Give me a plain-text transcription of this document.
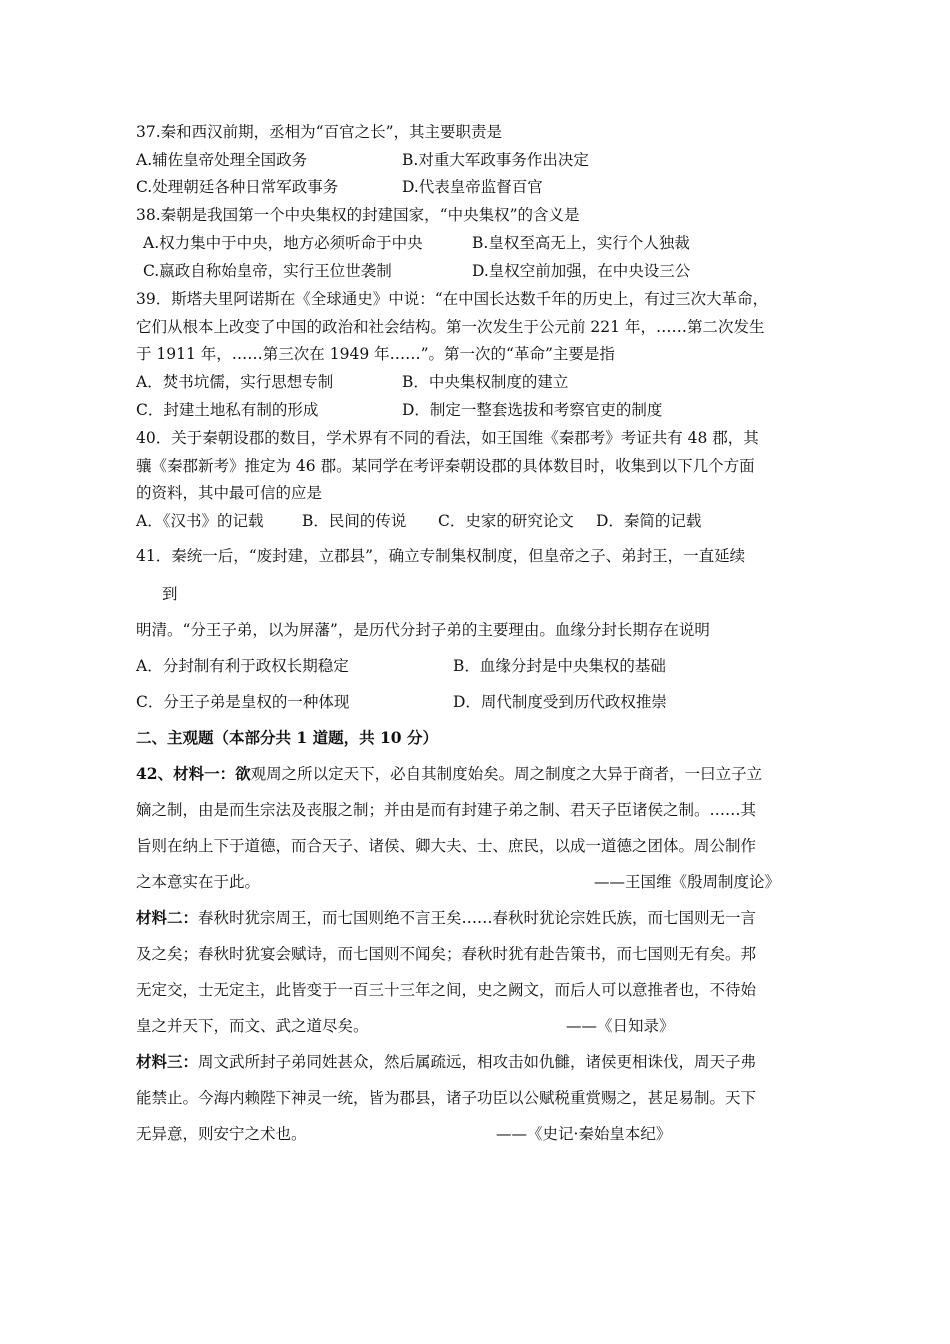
37.秦和西汉前期，丞相为“百官之长”，其主要职责是
A.辅佐皇帝处理全国政务	B.对重大军政事务作出决定
C.处理朝廷各种日常军政事务	D.代表皇帝监督百官
38.秦朝是我国第一个中央集权的封建国家，“中央集权”的含义是
A.权力集中于中央，地方必须听命于中央	B.皇权至高无上，实行个人独裁
C.嬴政自称始皇帝，实行王位世袭制	D.皇权空前加强，在中央设三公
39．斯塔夫里阿诺斯在《全球通史》中说：“在中国长达数千年的历史上，有过三次大革命，
它们从根本上改变了中国的政治和社会结构。第一次发生于公元前 221 年，……第二次发生
于 1911 年，……第三次在 1949 年……”。第一次的“革命”主要是指
A．焚书坑儒，实行思想专制	B．中央集权制度的建立
C．封建土地私有制的形成	D．制定一整套选拔和考察官吏的制度
40．关于秦朝设郡的数目，学术界有不同的看法，如王国维《秦郡考》考证共有 48 郡，其
骧《秦郡新考》推定为 46 郡。某同学在考评秦朝设郡的具体数目时，收集到以下几个方面
的资料，其中最可信的应是
A．《汉书》的记载 B．民间的传说 C．史家的研究论文 D．秦简的记载
41．秦统一后，“废封建，立郡县”，确立专制集权制度，但皇帝之子、弟封王，一直延续
到
明清。“分王子弟，以为屏藩”，是历代分封子弟的主要理由。血缘分封长期存在说明
A．分封制有利于政权长期稳定	B．血缘分封是中央集权的基础
C．分王子弟是皇权的一种体现	D．周代制度受到历代政权推崇
二、主观题（本部分共 1 道题，共 10 分）
42、材料一：欲观周之所以定天下，必自其制度始矣。周之制度之大异于商者，一曰立子立
嫡之制，由是而生宗法及丧服之制；并由是而有封建子弟之制、君天子臣诸侯之制。……其
旨则在纳上下于道德，而合天子、诸侯、卿大夫、士、庶民，以成一道德之团体。周公制作
之本意实在于此。	——王国维《殷周制度论》
材料二：春秋时犹宗周王，而七国则绝不言王矣……春秋时犹论宗姓氏族，而七国则无一言
及之矣；春秋时犹宴会赋诗，而七国则不闻矣；春秋时犹有赴告策书，而七国则无有矣。邦
无定交，士无定主，此皆变于一百三十三年之间，史之阙文，而后人可以意推者也，不待始
皇之并天下，而文、武之道尽矣。	——《日知录》
材料三：周文武所封子弟同姓甚众，然后属疏远，相攻击如仇雠，诸侯更相诛伐，周天子弗
能禁止。今海内赖陛下神灵一统，皆为郡县，诸子功臣以公赋税重赏赐之，甚足易制。天下
无异意，则安宁之术也。	——《史记·秦始皇本纪》
